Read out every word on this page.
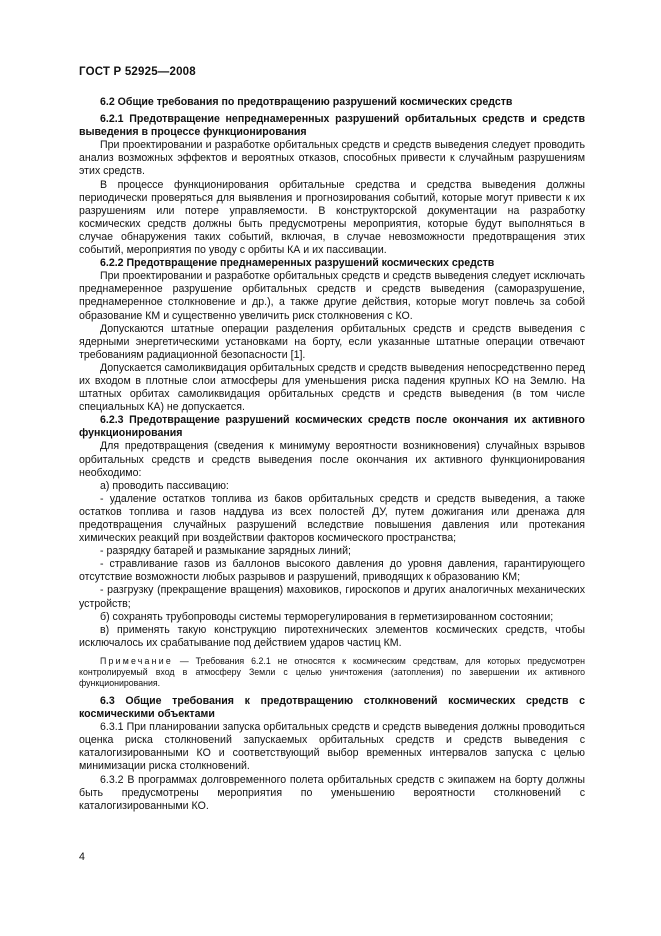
ГОСТ Р 52925—2008

6.2 Общие требования по предотвращению разрушений космических средств

6.2.1 Предотвращение непреднамеренных разрушений орбитальных средств и средств выведения в процессе функционирования

При проектировании и разработке орбитальных средств и средств выведения следует проводить анализ возможных эффектов и вероятных отказов, способных привести к случайным разрушениям этих средств.

В процессе функционирования орбитальные средства и средства выведения должны периодически проверяться для выявления и прогнозирования событий, которые могут привести к их разрушениям или потере управляемости. В конструкторской документации на разработку космических средств должны быть предусмотрены мероприятия, которые будут выполняться в случае обнаружения таких событий, включая, в случае невозможности предотвращения этих событий, мероприятия по уводу с орбиты КА и их пассивации.

6.2.2 Предотвращение преднамеренных разрушений космических средств

При проектировании и разработке орбитальных средств и средств выведения следует исключать преднамеренное разрушение орбитальных средств и средств выведения (саморазрушение, преднамеренное столкновение и др.), а также другие действия, которые могут повлечь за собой образование КМ и существенно увеличить риск столкновения с КО.

Допускаются штатные операции разделения орбитальных средств и средств выведения с ядерными энергетическими установками на борту, если указанные штатные операции отвечают требованиям радиационной безопасности [1].

Допускается самоликвидация орбитальных средств и средств выведения непосредственно перед их входом в плотные слои атмосферы для уменьшения риска падения крупных КО на Землю. На штатных орбитах самоликвидация орбитальных средств и средств выведения (в том числе специальных КА) не допускается.

6.2.3 Предотвращение разрушений космических средств после окончания их активного функционирования

Для предотвращения (сведения к минимуму вероятности возникновения) случайных взрывов орбитальных средств и средств выведения после окончания их активного функционирования необходимо:

а) проводить пассивацию:

- удаление остатков топлива из баков орбитальных средств и средств выведения, а также остатков топлива и газов наддува из всех полостей ДУ, путем дожигания или дренажа для предотвращения случайных разрушений вследствие повышения давления или протекания химических реакций при воздействии факторов космического пространства;

- разрядку батарей и размыкание зарядных линий;

- стравливание газов из баллонов высокого давления до уровня давления, гарантирующего отсутствие возможности любых разрывов и разрушений, приводящих к образованию КМ;

- разгрузку (прекращение вращения) маховиков, гироскопов и других аналогичных механических устройств;

б) сохранять трубопроводы системы терморегулирования в герметизированном состоянии;

в) применять такую конструкцию пиротехнических элементов космических средств, чтобы исключалось их срабатывание под действием ударов частиц КМ.

Примечание — Требования 6.2.1 не относятся к космическим средствам, для которых предусмотрен контролируемый вход в атмосферу Земли с целью уничтожения (затопления) по завершении их активного функционирования.

6.3 Общие требования к предотвращению столкновений космических средств с космическими объектами

6.3.1 При планировании запуска орбитальных средств и средств выведения должны проводиться оценка риска столкновений запускаемых орбитальных средств и средств выведения с каталогизированными КО и соответствующий выбор временных интервалов запуска с целью минимизации риска столкновений.

6.3.2 В программах долговременного полета орбитальных средств с экипажем на борту должны быть предусмотрены мероприятия по уменьшению вероятности столкновений с каталогизированными КО.

4
